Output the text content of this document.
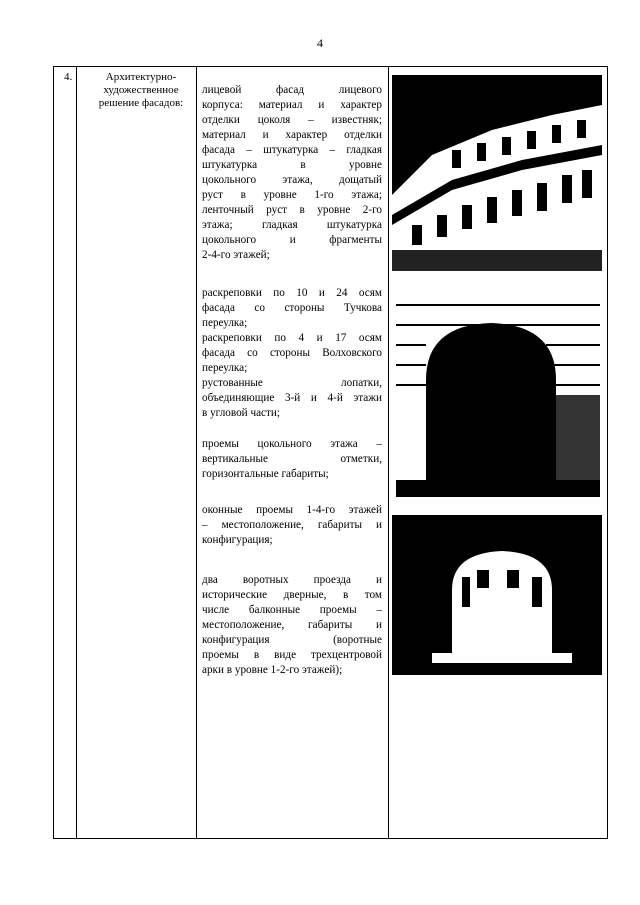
4
4.	Архитектурно-
художественное
решение фасадов:
лицевой фасад лицевого
корпуса: материал и характер
отделки цоколя – известняк;
материал и характер отделки
фасада – штукатурка – гладкая
штукатурка в уровне
цокольного этажа, дощатый
руст в уровне 1-го этажа;
ленточный руст в уровне 2-го
этажа; гладкая штукатурка
цокольного и фрагменты
2-4-го этажей;
раскреповки по 10 и 24 осям
фасада со стороны Тучкова
переулка;
раскреповки по 4 и 17 осям
фасада со стороны Волховского
переулка;
рустованные лопатки,
объединяющие 3-й и 4-й этажи
в угловой части;
проемы цокольного этажа –
вертикальные отметки,
горизонтальные габариты;
оконные проемы 1-4-го этажей
– местоположение, габариты и
конфигурация;
два воротных проезда и
исторические дверные, в том
числе балконные проемы –
местоположение, габариты и
конфигурация (воротные
проемы в виде трехцентровой
арки в уровне 1-2-го этажей);
